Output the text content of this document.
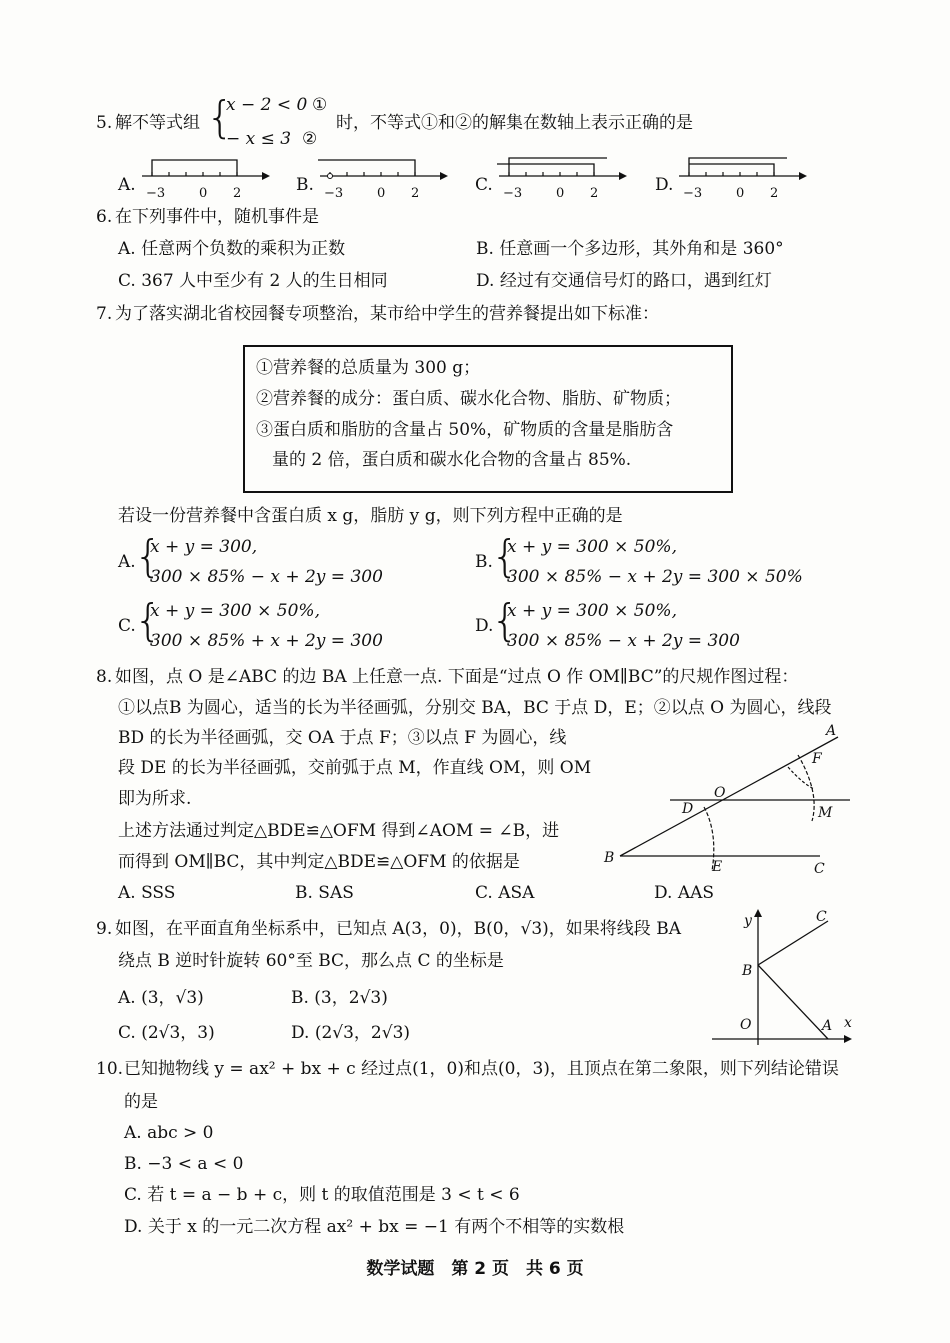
5. 解不等式组 {
x − 2 < 0 ①
− x ≤ 3 ②
时，不等式①和②的解集在数轴上表示正确的是
A. −3	0 2	B. −3	0 2	C. −3	0 2	D. −3	0 2
6. 在下列事件中，随机事件是
A. 任意两个负数的乘积为正数	B. 任意画一个多边形，其外角和是 360°
C. 367 人中至少有 2 人的生日相同	D. 经过有交通信号灯的路口，遇到红灯
7. 为了落实湖北省校园餐专项整治，某市给中学生的营养餐提出如下标准：
①营养餐的总质量为 300 g；
②营养餐的成分：蛋白质、碳水化合物、脂肪、矿物质；
③蛋白质和脂肪的含量占 50%，矿物质的含量是脂肪含
量的 2 倍，蛋白质和碳水化合物的含量占 85%.
若设一份营养餐中含蛋白质 x g，脂肪 y g，则下列方程中正确的是
A.
{
x + y = 300,
300 × 85% − x + 2y = 300
B.
{
x + y = 300 × 50%,
300 × 85% − x + 2y = 300 × 50%
C.
{
x + y = 300 × 50%,
300 × 85% + x + 2y = 300
D.
{
x + y = 300 × 50%,
300 × 85% − x + 2y = 300
8. 如图，点 O 是∠ABC 的边 BA 上任意一点. 下面是“过点 O 作 OM∥BC”的尺规作图过程：
①以点B 为圆心，适当的长为半径画弧，分别交 BA，BC 于点 D，E；②以点 O 为圆心，线段
BD 的长为半径画弧，交 OA 于点 F；③以点 F 为圆心，线
段 DE 的长为半径画弧，交前弧于点 M，作直线 OM，则 OM
即为所求.
上述方法通过判定△BDE≌△OFM 得到∠AOM = ∠B，进
而得到 OM∥BC，其中判定△BDE≌△OFM 的依据是
A. SSS	B. SAS	C. ASA	D. AAS
B
A
C
D
E
O
F
M
9. 如图，在平面直角坐标系中，已知点 A(3，0)，B(0，√3)，如果将线段 BA
绕点 B 逆时针旋转 60°至 BC，那么点 C 的坐标是
A. (3，√3)	B. (3，2√3)
C. (2√3，3)	D. (2√3，2√3)
y
x
O	A
B
C
10. 已知抛物线 y = ax² + bx + c 经过点(1，0)和点(0，3)，且顶点在第二象限，则下列结论错误
的是
A. abc > 0
B. −3 < a < 0
C. 若 t = a − b + c，则 t 的取值范围是 3 < t < 6
D. 关于 x 的一元二次方程 ax² + bx = −1 有两个不相等的实数根
数学试题　第 2 页　共 6 页
